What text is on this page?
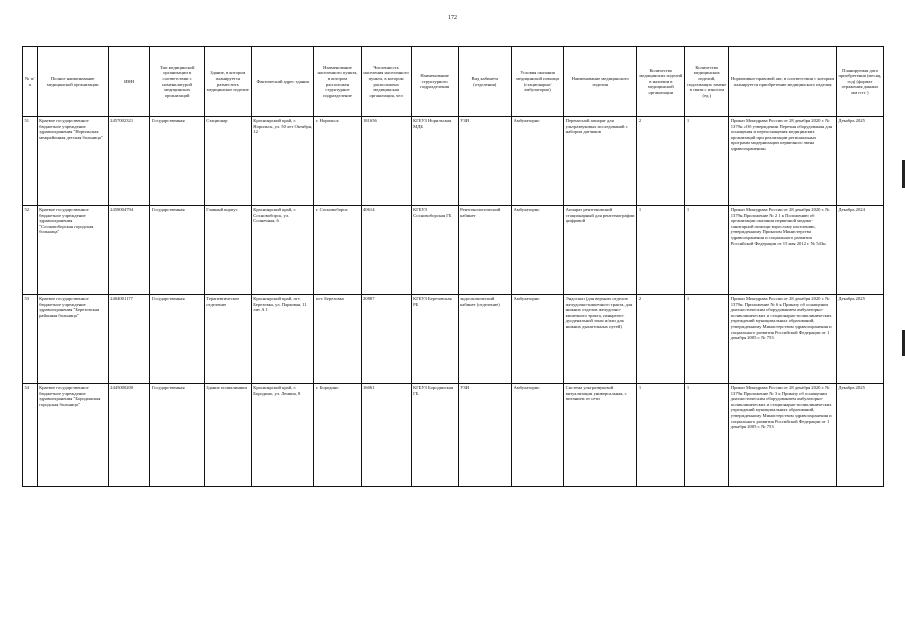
172
№ п/п	Полное наименование медицинской организации	ИНН	Тип медицинской организации в соответствии с номенклатурой медицинских организаций	Здание, в котором планируется разместить медицинское изделие	Фактический адрес здания	Наименование населенного пункта, в котором расположен структурное подразделение	Численность населения населенного пункта, в котором расположена медицинская организация, чел	Наименование структурного подразделения	Вид кабинета (отделения)	Условия оказания медицинской помощи (стационарно/ амбулаторно)	Наименование медицинского изделия	Количество медицинских изделий в наличии в медицинской организации	Количество медицинских изделий, подлежащих замене в связи с износом (ед.)	Нормативно-правовой акт, в соответствии с которым планируется приобретение медицинского изделия	Планируемая дата приобретения (месяц, год) (формат отражения данных мм гггг )
51	Краевое государственное бюджетное учреждение здравоохранения "Норильская межрайонная детская больница"	2457002321	Государственная	Стационар	Красноярский край, г. Норильск, ул. 50 лет Октября, 12	г. Норильск	181656	КГБУЗ Норильская МДБ	УЗИ	Амбулаторно	Переносной аппарат для ультразвуковых исследований с набором датчиков	2	1	Приказ Минздрава России от 28 декабря 2020 г. № 1379н «Об утверждении Перечня оборудования для оснащения и переоснащения медицинских организаций при реализации региональных программ модернизации первичного звена здравоохранения»	Декабрь 2025
52	Краевое государственное бюджетное учреждение здравоохранения "Сосновоборская городская больница"	2458004794	Государственная	Главный корпус	Красноярский край, г. Сосновоборск, ул. Солнечная, 6	г. Сосновоборск	40614	КГБУЗ Сосновоборская ГБ	Рентгенологический кабинет	Амбулаторно	Аппарат рентгеновский стационарный для рентгенографии цифровой	1	1	Приказ Минздрава России от 28 декабря 2020 г. № 1379н.Приложение № 2 1 к Положению об организации оказания первичной медико-санитарной помощи взрослому населению, утвержденному Приказом Министерства здравоохранения и социального развития Российской Федерации от 15 мая 2012 г. № 543н	Декабрь 2024
53	Краевое государственное бюджетное учреждение здравоохранения "Березовская районная больница"	2404001177	Государственная	Терапевтическое отделение	Красноярский край, пгт. Березовка, ул. Парковая, 11 лит А 1	пгт. Березовка	20887	КГБУЗ Березовская РБ	эндоскопический кабинет (отделение)	Амбулаторно	Эндоскоп (для верхних отделов желудочно-кишечного тракта, для нижних отделов желудочно-кишечного тракта, панкреато-дуоденальной зоны и/или для нижних дыхательных путей)	2	1	Приказ Минздрава России от 28 декабря 2020 г. № 1379н. Приложение № 6 к Приказу об оснащении диагностическим оборудованием амбулаторно-поликлинических и стационарно-поликлинических учреждений муниципальных образований, утвержденному Министерством здравоохранения и социального развития Российской Федерации от 1 декабря 2005 г. № 753	Декабрь 2025
54	Краевое государственное бюджетное учреждение здравоохранения "Бородинская городская больница"	2445000200	Государственная	Здание поликлиники	Красноярский край, г. Бородино, ул. Ленина, 8	г. Бородино	16061	КГБУЗ Бородинская ГБ	УЗИ	Амбулаторно	Система ультразвуковой визуализации универсальная, с питанием от сети	1	1	Приказ Минздрава России от 28 декабря 2020 г. № 1379н Приложение № 3 к Приказу об оснащении диагностическим оборудованием амбулаторно-поликлинических и стационарно-поликлинических учреждений муниципальных образований, утвержденному Министерством здравоохранения и социального развития Российской Федерации от 1 декабря 2005 г. № 753	Декабрь 2025
